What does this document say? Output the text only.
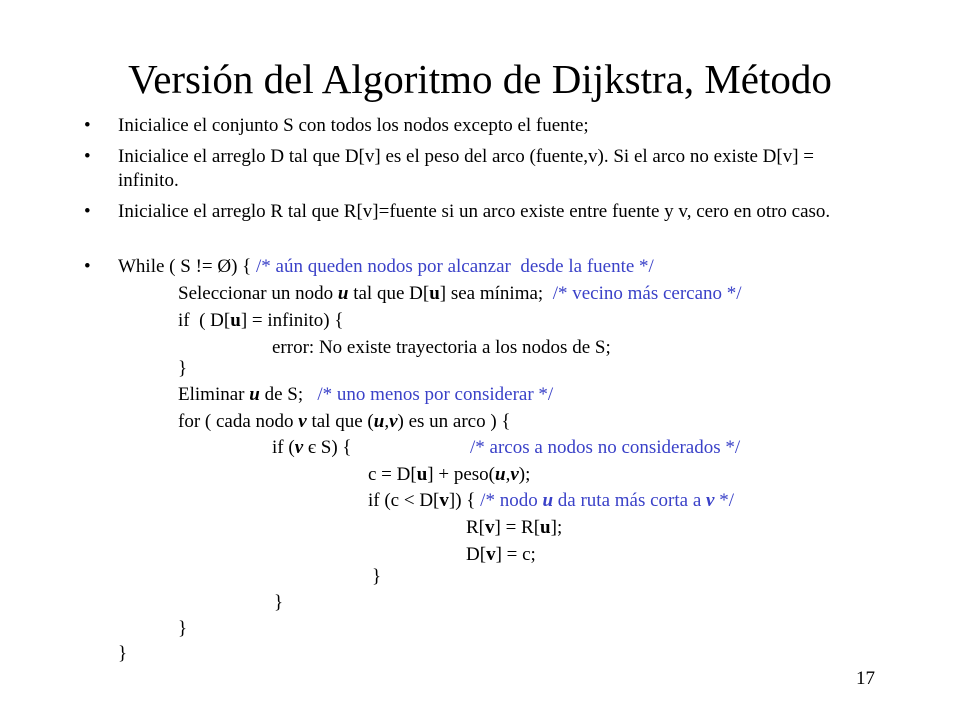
Versión del Algoritmo de Dijkstra, Método
• Inicialice el conjunto S con todos los nodos excepto el fuente;
• Inicialice el arreglo D tal que D[v] es el peso del arco (fuente,v). Si el arco no existe D[v] = infinito.
• Inicialice el arreglo R tal que R[v]=fuente si un arco existe entre fuente y v, cero en otro caso.
• While ( S != Ø) { /* aún queden nodos por alcanzar  desde la fuente */
Seleccionar un nodo u tal que D[u] sea mínima;  /* vecino más cercano */
if  ( D[u] = infinito) {
error: No existe trayectoria a los nodos de S;
}
Eliminar u de S;   /* uno menos por considerar */
for ( cada nodo v tal que (u,v) es un arco ) {
if (v є S) {	/* arcos a nodos no considerados */
c = D[u] + peso(u,v);
if (c < D[v]) { /* nodo u da ruta más corta a v */
R[v] = R[u];
D[v] = c;
}
}
}
}
17
